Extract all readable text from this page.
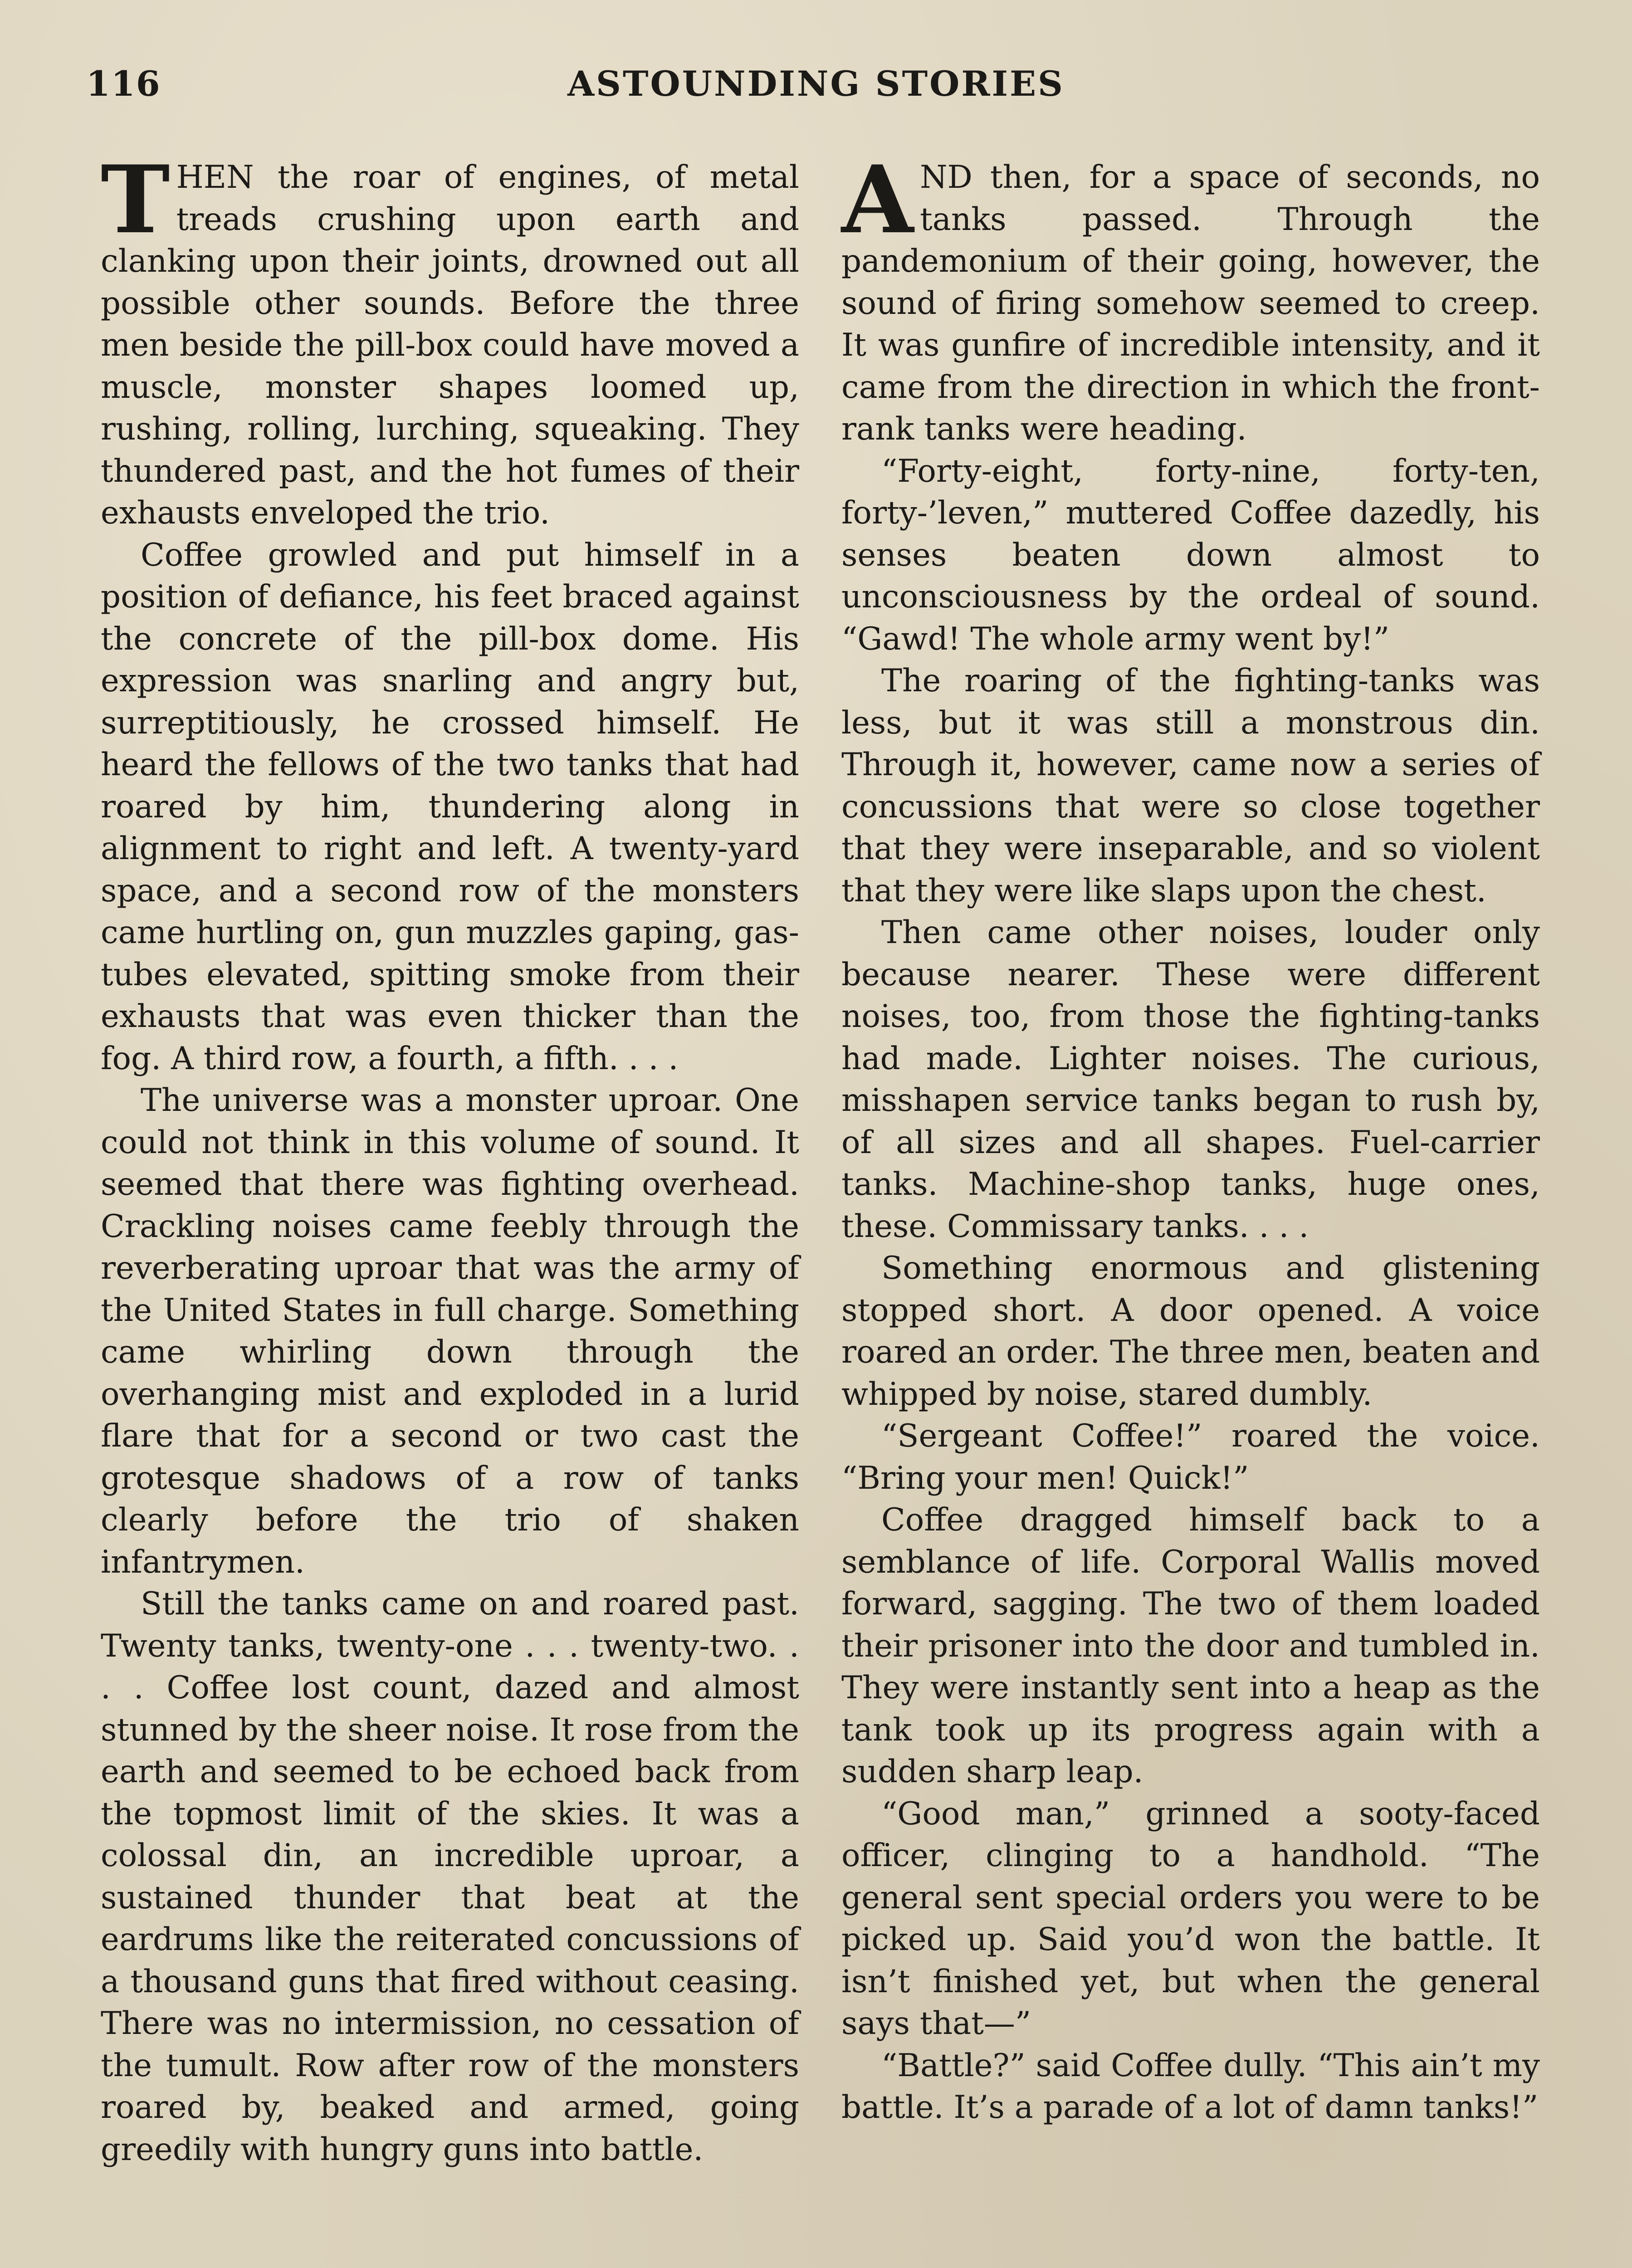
116	ASTOUNDING STORIES

THEN the roar of engines, of metal treads crushing upon earth and clanking upon their joints, drowned out all possible other sounds. Before the three men beside the pill-box could have moved a muscle, monster shapes loomed up, rushing, rolling, lurching, squeaking. They thundered past, and the hot fumes of their exhausts enveloped the trio.

Coffee growled and put himself in a position of defiance, his feet braced against the concrete of the pill-box dome. His expression was snarling and angry but, surreptitiously, he crossed himself. He heard the fellows of the two tanks that had roared by him, thundering along in alignment to right and left. A twenty-yard space, and a second row of the monsters came hurtling on, gun muzzles gaping, gas-tubes elevated, spitting smoke from their exhausts that was even thicker than the fog. A third row, a fourth, a fifth. . . .

The universe was a monster uproar. One could not think in this volume of sound. It seemed that there was fighting overhead. Crackling noises came feebly through the reverberating uproar that was the army of the United States in full charge. Something came whirling down through the overhanging mist and exploded in a lurid flare that for a second or two cast the grotesque shadows of a row of tanks clearly before the trio of shaken infantrymen.

Still the tanks came on and roared past. Twenty tanks, twenty-one . . . twenty-two. . . . Coffee lost count, dazed and almost stunned by the sheer noise. It rose from the earth and seemed to be echoed back from the topmost limit of the skies. It was a colossal din, an incredible uproar, a sustained thunder that beat at the eardrums like the reiterated concussions of a thousand guns that fired without ceasing. There was no intermission, no cessation of the tumult. Row after row of the monsters roared by, beaked and armed, going greedily with hungry guns into battle.

AND then, for a space of seconds, no tanks passed. Through the pandemonium of their going, however, the sound of firing somehow seemed to creep. It was gunfire of incredible intensity, and it came from the direction in which the front-rank tanks were heading.

“Forty-eight, forty-nine, forty-ten, forty-’leven,” muttered Coffee dazedly, his senses beaten down almost to unconsciousness by the ordeal of sound. “Gawd! The whole army went by!”

The roaring of the fighting-tanks was less, but it was still a monstrous din. Through it, however, came now a series of concussions that were so close together that they were inseparable, and so violent that they were like slaps upon the chest.

Then came other noises, louder only because nearer. These were different noises, too, from those the fighting-tanks had made. Lighter noises. The curious, misshapen service tanks began to rush by, of all sizes and all shapes. Fuel-carrier tanks. Machine-shop tanks, huge ones, these. Commissary tanks. . . .

Something enormous and glistening stopped short. A door opened. A voice roared an order. The three men, beaten and whipped by noise, stared dumbly.

“Sergeant Coffee!” roared the voice. “Bring your men! Quick!”

Coffee dragged himself back to a semblance of life. Corporal Wallis moved forward, sagging. The two of them loaded their prisoner into the door and tumbled in. They were instantly sent into a heap as the tank took up its progress again with a sudden sharp leap.

“Good man,” grinned a sooty-faced officer, clinging to a handhold. “The general sent special orders you were to be picked up. Said you’d won the battle. It isn’t finished yet, but when the general says that—”

“Battle?” said Coffee dully. “This ain’t my battle. It’s a parade of a lot of damn tanks!”
